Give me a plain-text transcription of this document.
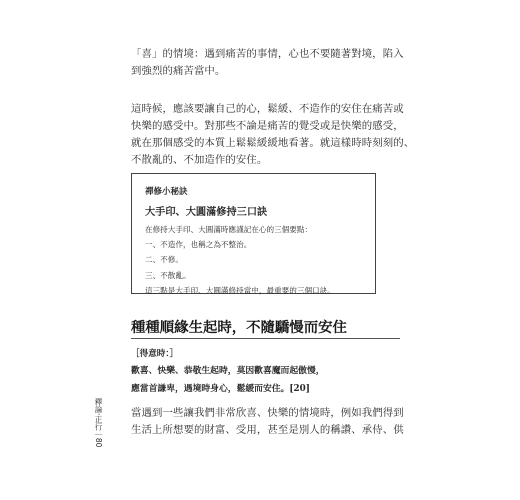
「喜」的情境：遇到痛苦的事情，心也不要隨著對境，陷入
到強烈的痛苦當中。
這時候，應該要讓自己的心，鬆緩、不造作的安住在痛苦或
快樂的感受中。對那些不論是痛苦的覺受或是快樂的感受，
就在那個感受的本質上鬆鬆緩緩地看著。就這樣時時刻刻的、
不散亂的、不加造作的安住。

禪修小秘訣

大手印、大圓滿修持三口訣

在修持大手印、大圓滿時應謹記在心的三個要點：

一、不造作，也稱之為不整治。

二、不修。

三、不散亂。

這三點是大手印、大圓滿修持當中，最重要的三個口訣。

種種順緣生起時，不隨驕慢而安住

［得意時：］

歡喜、快樂、恭敬生起時，莫因歡喜魔而起傲慢，

應當首謙卑，遇境時身心，鬆緩而安住。[20]

當遇到一些讓我們非常欣喜、快樂的情境時，例如我們得到
生活上所想要的財富、受用，甚至是別人的稱讚、承侍、供
釋論‧正行｜80
